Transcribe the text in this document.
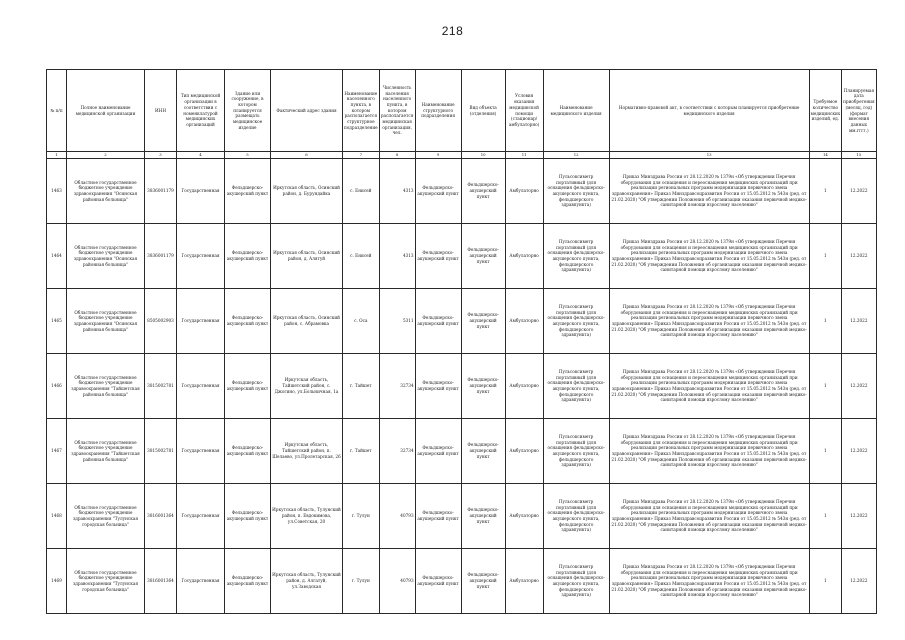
218
№ п/п	Полное наименование медицинской организации	ИНН	Тип медицинской организации в соответствии с номенклатурой медицинских организаций	Здание или сооружение, в котором планируется размещать медицинское изделие	Фактический адрес здания	Наименование населенного пункта, в котором располагается структурное подразделение	Численность населения населенного пункта, в котором располагается медицинская организация, чел.	Наименование структурного подразделения	Вид объекта (отделения)	Условия оказания медицинской помощи (стационар/амбулаторно)	Наименование медицинского изделия	Нормативно-правовой акт, в соответствии с которым планируется приобретение медицинского изделия	Требуемое количество медицинских изделий, ед.	Планируемая дата приобретения (месяц, год) (формат внесения данных мм.гггг.)
1	2	3	4	5	6	7	8	9	10	11	12	13	14	15
1463	Областное государственное бюджетное учреждение здравоохранения "Осинская районная больница"	3836001179	Государственная	Фельдшерско-акушерский пункт	Иркутская область, Осинский район, д. Бурундайка	с. Енисей	4313	Фельдшерско-акушерский пункт	Фельдшерско-акушерский пункт	Амбулаторно	Пульсоксиметр портативный (для оснащения фельдшерско-акушерского пункта, фельдшерского здравпункта)	Приказ Минздрава России от 28.12.2020 № 1379н «Об утверждении Перечня оборудования для оснащения и переоснащения медицинских организаций при реализации региональных программ модернизации первичного звена здравоохранения» Приказ Минздравсоцразвития России от 15.05.2012 № 543н (ред. от 21.02.2020) "Об утверждении Положения об организации оказания первичной медико-санитарной помощи взрослому населению"	1	12.2022
1464	Областное государственное бюджетное учреждение здравоохранения "Осинская районная больница"	3836001179	Государственная	Фельдшерско-акушерский пункт	Иркутская область, Осинский район, д. Алятуй	с. Енисей	4313	Фельдшерско-акушерский пункт	Фельдшерско-акушерский пункт	Амбулаторно	Пульсоксиметр портативный (для оснащения фельдшерско-акушерского пункта, фельдшерского здравпункта)	Приказ Минздрава России от 28.12.2020 № 1379н «Об утверждении Перечня оборудования для оснащения и переоснащения медицинских организаций при реализации региональных программ модернизации первичного звена здравоохранения» Приказ Минздравсоцразвития России от 15.05.2012 № 543н (ред. от 21.02.2020) "Об утверждении Положения об организации оказания первичной медико-санитарной помощи взрослому населению"	1	12.2022
1465	Областное государственное бюджетное учреждение здравоохранения "Осинская районная больница"	8505002903	Государственная	Фельдшерско-акушерский пункт	Иркутская область, Осинский район, с. Абрамовка	с. Оса	5311	Фельдшерско-акушерский пункт	Фельдшерско-акушерский пункт	Амбулаторно	Пульсоксиметр портативный (для оснащения фельдшерско-акушерского пункта, фельдшерского здравпункта)	Приказ Минздрава России от 28.12.2020 № 1379н «Об утверждении Перечня оборудования для оснащения и переоснащения медицинских организаций при реализации региональных программ модернизации первичного звена здравоохранения» Приказ Минздравсоцразвития России от 15.05.2012 № 543н (ред. от 21.02.2020) "Об утверждении Положения об организации оказания первичной медико-санитарной помощи взрослому населению"	1	12.2022
1466	Областное государственное бюджетное учреждение здравоохранения "Тайшетская районная больница"	3815002781	Государственная	Фельдшерско-акушерский пункт	Иркутская область, Тайшетский район, с. Джогино, ул.Больничная, 1а	г. Тайшет	32734	Фельдшерско-акушерский пункт	Фельдшерско-акушерский пункт	Амбулаторно	Пульсоксиметр портативный (для оснащения фельдшерско-акушерского пункта, фельдшерского здравпункта)	Приказ Минздрава России от 28.12.2020 № 1379н «Об утверждении Перечня оборудования для оснащения и переоснащения медицинских организаций при реализации региональных программ модернизации первичного звена здравоохранения» Приказ Минздравсоцразвития России от 15.05.2012 № 543н (ред. от 21.02.2020) "Об утверждении Положения об организации оказания первичной медико-санитарной помощи взрослому населению"	1	12.2022
1467	Областное государственное бюджетное учреждение здравоохранения "Тайшетская районная больница"	3815002781	Государственная	Фельдшерско-акушерский пункт	Иркутская область, Тайшетский район, п. Шелаево, ул.Пролетарская, 26	г. Тайшет	32734	Фельдшерско-акушерский пункт	Фельдшерско-акушерский пункт	Амбулаторно	Пульсоксиметр портативный (для оснащения фельдшерско-акушерского пункта, фельдшерского здравпункта)	Приказ Минздрава России от 28.12.2020 № 1379н «Об утверждении Перечня оборудования для оснащения и переоснащения медицинских организаций при реализации региональных программ модернизации первичного звена здравоохранения» Приказ Минздравсоцразвития России от 15.05.2012 № 543н (ред. от 21.02.2020) "Об утверждении Положения об организации оказания первичной медико-санитарной помощи взрослому населению"	1	12.2022
1468	Областное государственное бюджетное учреждение здравоохранения "Тулунская городская больница"	3816001364	Государственная	Фельдшерско-акушерский пункт	Иркутская область, Тулунский район, п. Евдокимова, ул.Советская, 20	г. Тулун	40793	Фельдшерско-акушерский пункт	Фельдшерско-акушерский пункт	Амбулаторно	Пульсоксиметр портативный (для оснащения фельдшерско-акушерского пункта, фельдшерского здравпункта)	Приказ Минздрава России от 28.12.2020 № 1379н «Об утверждении Перечня оборудования для оснащения и переоснащения медицинских организаций при реализации региональных программ модернизации первичного звена здравоохранения» Приказ Минздравсоцразвития России от 15.05.2012 № 543н (ред. от 21.02.2020) "Об утверждении Положения об организации оказания первичной медико-санитарной помощи взрослому населению"	1	12.2022
1469	Областное государственное бюджетное учреждение здравоохранения "Тулунская городская больница"	3816001364	Государственная	Фельдшерско-акушерский пункт	Иркутская область, Тулунский район, д. Алгатуй, ул.Заводская	г. Тулун	40793	Фельдшерско-акушерский пункт	Фельдшерско-акушерский пункт	Амбулаторно	Пульсоксиметр портативный (для оснащения фельдшерско-акушерского пункта, фельдшерского здравпункта)	Приказ Минздрава России от 28.12.2020 № 1379н «Об утверждении Перечня оборудования для оснащения и переоснащения медицинских организаций при реализации региональных программ модернизации первичного звена здравоохранения» Приказ Минздравсоцразвития России от 15.05.2012 № 543н (ред. от 21.02.2020) "Об утверждении Положения об организации оказания первичной медико-санитарной помощи взрослому населению"	1	12.2022
